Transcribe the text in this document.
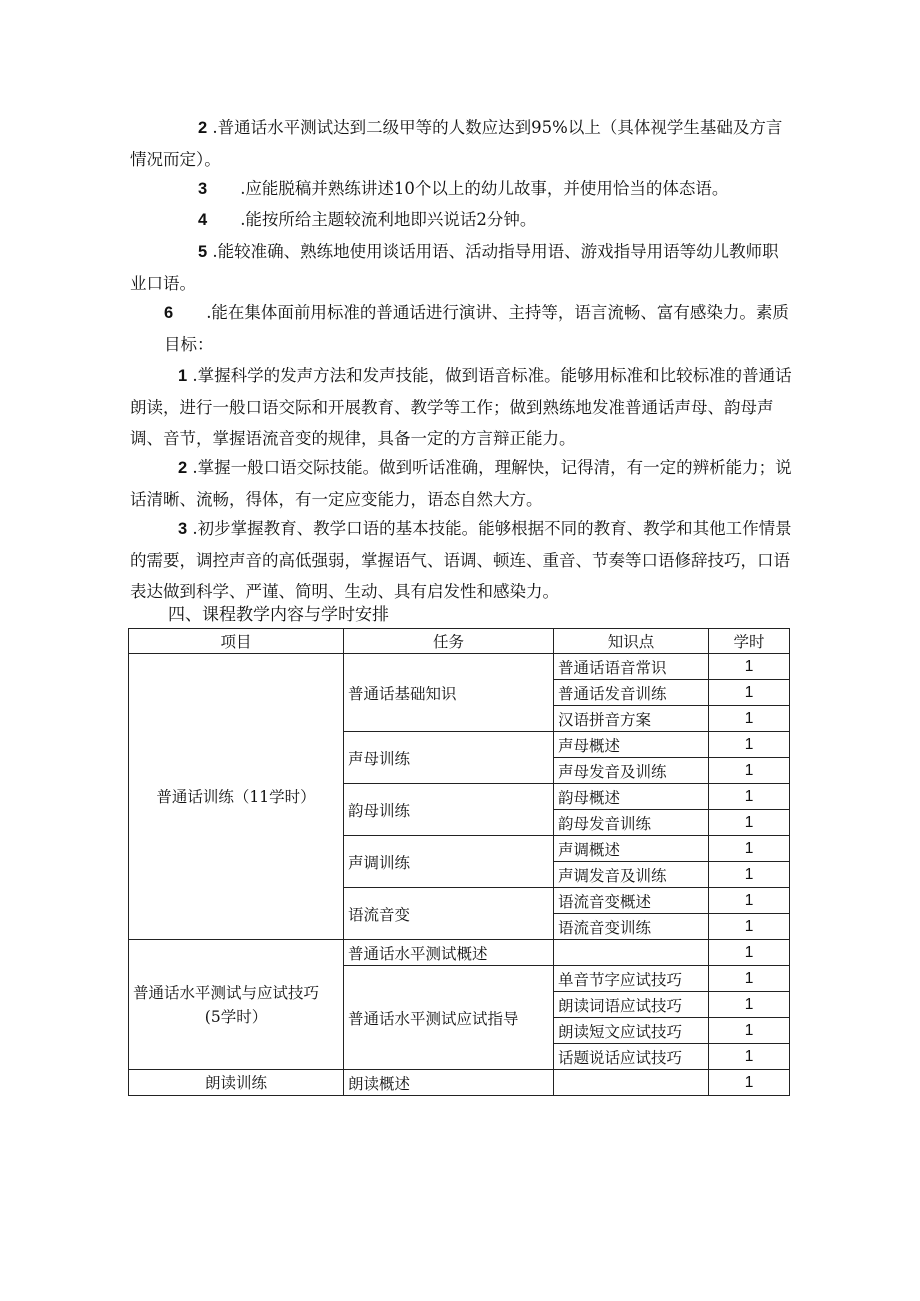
2 .普通话水平测试达到二级甲等的人数应达到95%以上（具体视学生基础及方言情况而定）。
3　　.应能脱稿并熟练讲述10个以上的幼儿故事，并使用恰当的体态语。
4　　.能按所给主题较流利地即兴说话2分钟。
5 .能较准确、熟练地使用谈话用语、活动指导用语、游戏指导用语等幼儿教师职业口语。
6　　.能在集体面前用标准的普通话进行演讲、主持等，语言流畅、富有感染力。素质目标：
1 .掌握科学的发声方法和发声技能，做到语音标准。能够用标准和比较标准的普通话朗读，进行一般口语交际和开展教育、教学等工作；做到熟练地发准普通话声母、韵母声调、音节，掌握语流音变的规律，具备一定的方言辩正能力。
2 .掌握一般口语交际技能。做到听话准确，理解快，记得清，有一定的辨析能力；说话清晰、流畅，得体，有一定应变能力，语态自然大方。
3 .初步掌握教育、教学口语的基本技能。能够根据不同的教育、教学和其他工作情景的需要，调控声音的高低强弱，掌握语气、语调、顿连、重音、节奏等口语修辞技巧，口语表达做到科学、严谨、简明、生动、具有启发性和感染力。
四、课程教学内容与学时安排
项目	任务	知识点	学时
普通话训练（11学时）	普通话基础知识	普通话语音常识	1
		普通话发音训练	1
		汉语拼音方案	1
	声母训练	声母概述	1
		声母发音及训练	1
	韵母训练	韵母概述	1
		韵母发音训练	1
	声调训练	声调概述	1
		声调发音及训练	1
	语流音变	语流音变概述	1
		语流音变训练	1

普通话水平测试与应试技巧
(5学时）	普通话水平测试概述		1
	普通话水平测试应试指导	单音节字应试技巧	1
		朗读词语应试技巧	1
		朗读短文应试技巧	1
		话题说话应试技巧	1
朗读训练	朗读概述		1
